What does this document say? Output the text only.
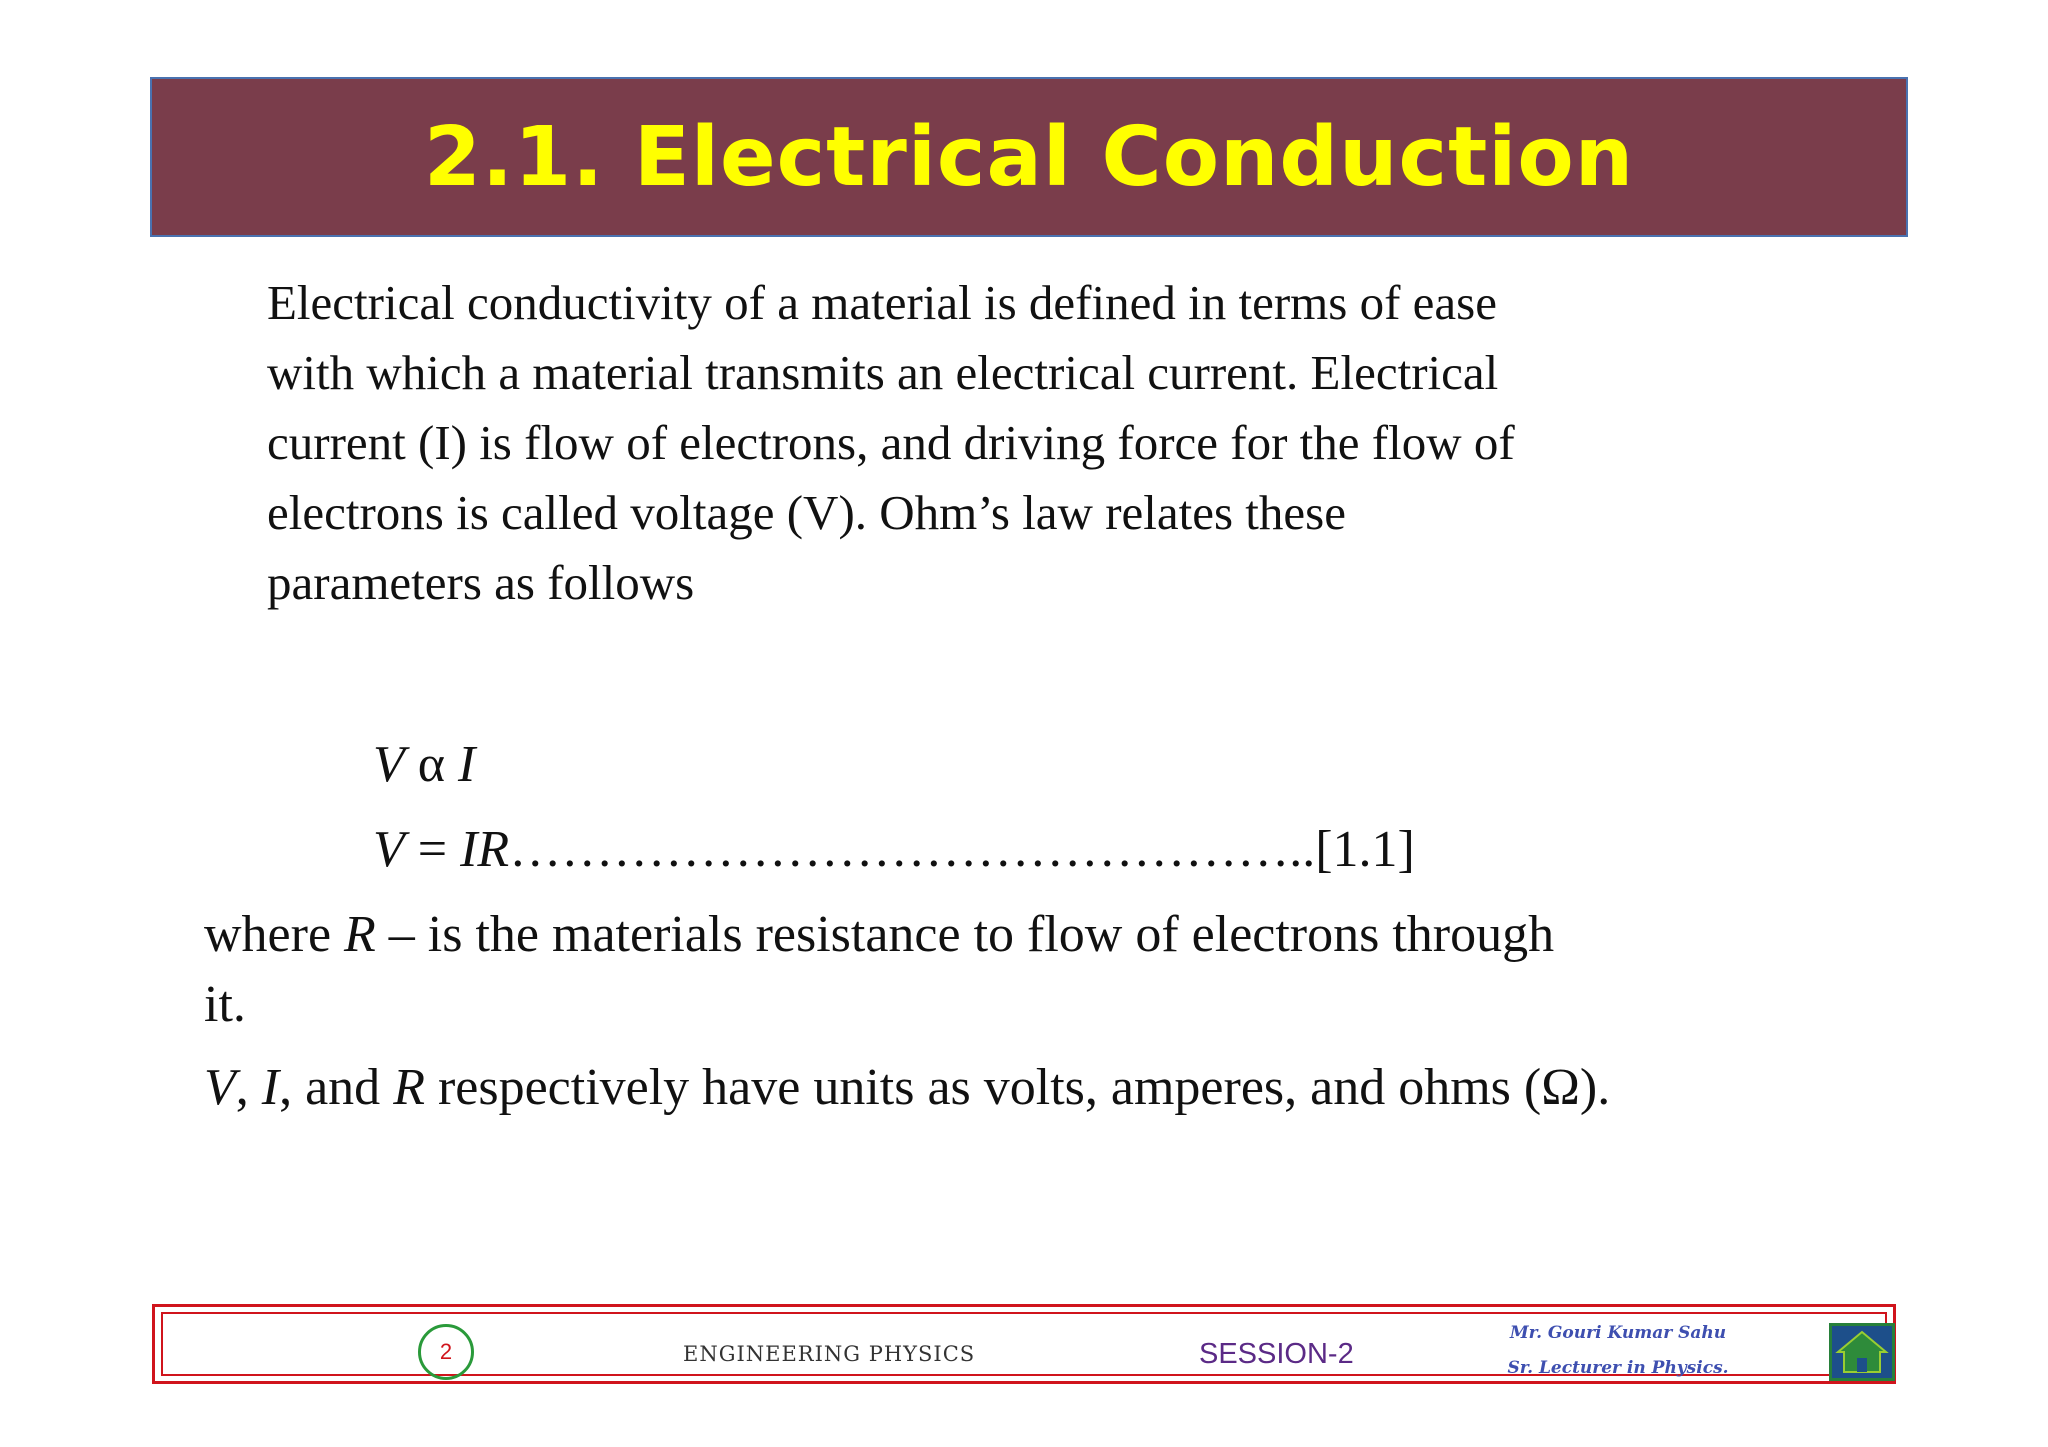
2.1. Electrical Conduction
Electrical conductivity of a material is defined in terms of ease
with which a material transmits an electrical current. Electrical
current (I) is flow of electrons, and driving force for the flow of
electrons is called voltage (V). Ohm’s law relates these
parameters as follows
V α I
V = IR………………………………………..[1.1]
where R – is the materials resistance to flow of electrons through
it.
V, I, and R respectively have units as volts, amperes, and ohms (Ω).
2	ENGINEERING PHYSICS	SESSION-2
Mr. Gouri Kumar Sahu
Sr. Lecturer in Physics.
